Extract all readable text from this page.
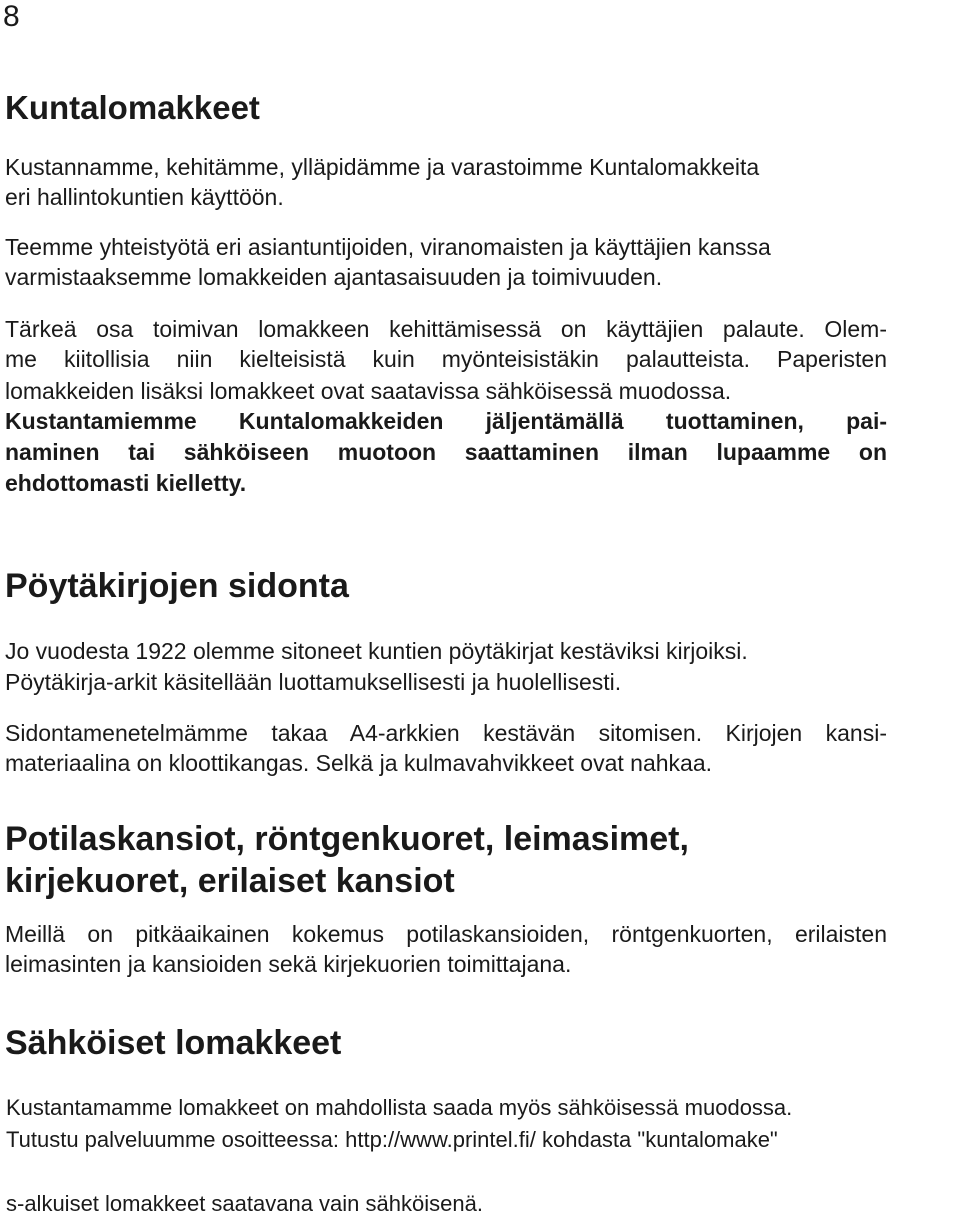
8
Kuntalomakkeet

Kustannamme, kehitämme, ylläpidämme ja varastoimme Kuntalomakkeita

eri hallintokuntien käyttöön.

Teemme yhteistyötä eri asiantuntijoiden, viranomaisten ja käyttäjien kanssa

varmistaaksemme lomakkeiden ajantasaisuuden ja toimivuuden.

Tärkeä osa toimivan lomakkeen kehittämisessä on käyttäjien palaute. Olem-

me kiitollisia niin kielteisistä kuin myönteisistäkin palautteista. Paperisten

lomakkeiden lisäksi lomakkeet ovat saatavissa sähköisessä muodossa.

Kustantamiemme Kuntalomakkeiden jäljentämällä tuottaminen, pai-

naminen tai sähköiseen muotoon saattaminen ilman lupaamme on

ehdottomasti kielletty.

Pöytäkirjojen sidonta

Jo vuodesta 1922 olemme sitoneet kuntien pöytäkirjat kestäviksi kirjoiksi.

Pöytäkirja-arkit käsitellään luottamuksellisesti ja huolellisesti.

Sidontamenetelmämme takaa A4-arkkien kestävän sitomisen. Kirjojen kansi-

materiaalina on kloottikangas. Selkä ja kulmavahvikkeet ovat nahkaa.

Potilaskansiot, röntgenkuoret, leimasimet,
kirjekuoret, erilaiset kansiot

Meillä on pitkäaikainen kokemus potilaskansioiden, röntgenkuorten, erilaisten

leimasinten ja kansioiden sekä kirjekuorien toimittajana.

Sähköiset lomakkeet

Kustantamamme lomakkeet on mahdollista saada myös sähköisessä muodossa.

Tutustu palveluumme osoitteessa: http://www.printel.fi/ kohdasta "kuntalomake"

s-alkuiset lomakkeet saatavana vain sähköisenä.
